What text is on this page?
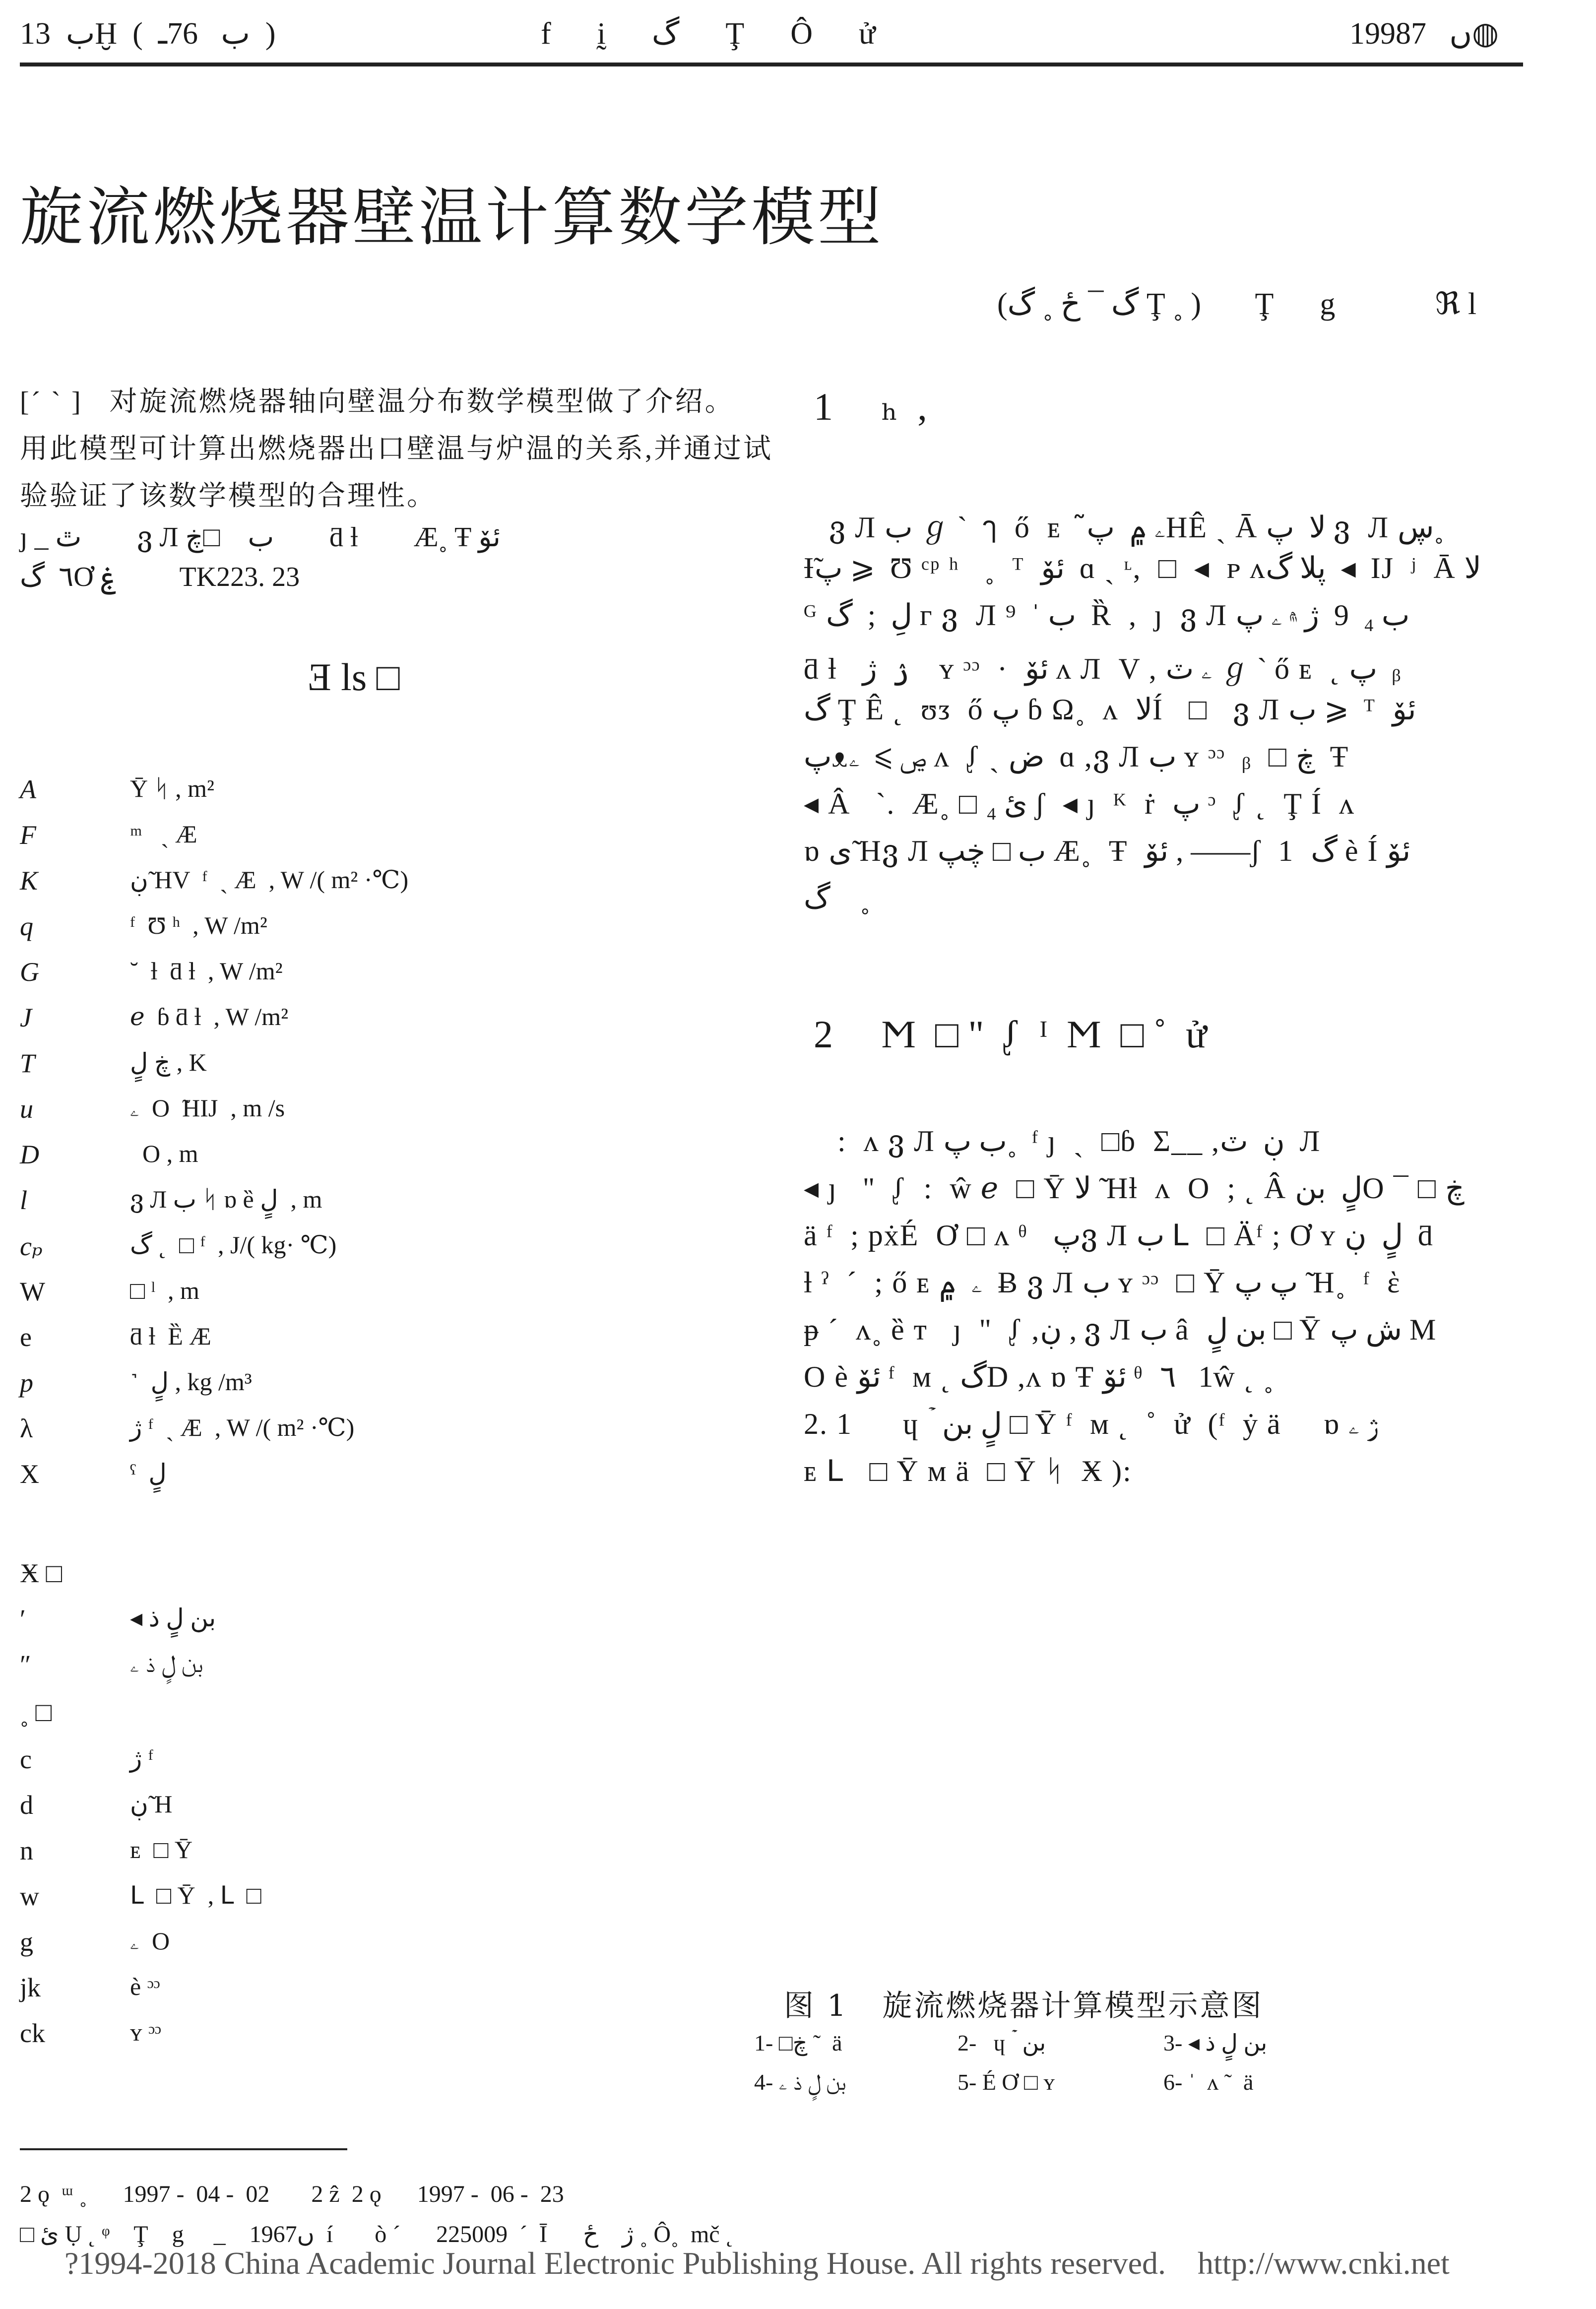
ب  13Ḫ  (  ب   76ـ  )	f      ḭ      گ      Ţ      Ô      ử	1998ں   7◍
旋流燃烧器壁温计算数学模型
(گ ¯ ځ ˳ گ Ţ ˳ )       Ţ      g             ℜ l
[ˊ ˋ ]   对旋流燃烧器轴向壁温分布数学模型做了介绍。
用此模型可计算出燃烧器出口壁温与炉温的关系,并通过试
验验证了该数学模型的合理性。
ȷ _ ٿ        ვ Л ب    □ڿ        ƌ ƚ        Æ˳ Ŧ ئۆ
٦  گƠ ۼ         TK223. 23
Ǝ ls □
A	Ȳ ᛋ , m²
F	ᵐ   ˏ Æ
K	ڹ ̃HV  ᶠ  ˏ Æ  , W /( m² ·℃)
q	ᶠ  Ʊ ʰ  , W /m²
G	˘  ƚ  ƌ ƚ  , W /m²
J	ℯ  ɓ ƌ ƚ  , W /m²
T	ڿ لٍ , K
u	ۦ  O  ̃HIJ  , m /s
D	O , m
l	ვ Л ب ᛋ ɒ ȅ لٍ  , m
cₚ	گ ˛  □ ᶠ  , J/( kg· ℃)
W	□ ˡ  , m
e	ƌ ƚ  Ȅ Æ
p	˺  لٍ , kg /m³
λ	ژ ᶠ  ˏ Æ  , W /( m² ·℃)
X	ˤ  لٍ
Ӿ □
′	◂ بن لٍ ذ
″	بن لٍ ذ ۦ
˳ □
c	ژ ᶠ
d	ڹ ̃H
n	ᴇ  □ Ȳ
w	ᒪ  □ Ȳ  , ᒪ  □
g	ۦ  O
jk	è ᵓᵓ
ck	ʏ ᵓᵓ
1     ₕ  ,
ვ Л ب ℊ ˋ  ๅ  ő  ᴇ   ۦ ۾  پ̃HÊ ˏ Ā لا  پ ვ  Л ڛ˳
Ɨ̃پ ⩾  Ʊ ᶜᵖ ʰ   ˳  ᵀ  ئۆ  ɑ ˏ ᶫ,  □  ◂  ᴘ ᴧپلا گ  ◂  IJ  ʲ  Ā لا
ᴳ لِ  ;  گ ᴦ ვ  Л ب ˈ  ⁹  Ȑ  ,  ȷ  ვ Л ب ₄  9  ژ ۾ ۦ پ
ƌ ƚ   ۯ  ژ    ʏ ᵓᵓ  ·  ئۆ ᴧ Л  V , ۦ ٽ ℊ ˋ ő ᴇ  ˛ پ  ᵦ
گ Ţ Ê ˛  ʊᴣ  ő پ ɓ Ω˳  ᴧ  لاÍ   □   ვ Л ب ⩾  ᵀ  ئۆ
پᴥڝ ⩾  ۦ ᴧ  ᶘ ˏ ض  ɑ ,ვ Л ب ʏ ᵓᵓ  ᵦ  □ ڿ  Ŧ
◂ Â   ˋ.  Æ˳ □ ئ ₄ ʃ  ◂ ȷ  ᴷ  ṙ  پ ᵓ  ᶘ ˛  Ţ Í  ᴧ
ɒ ى ̃Hვ Л ب □ ڿپ Æ˳  Ŧ  ئۆ , ——ʃ  1  گ è Í ئۆ
گ    ˳
2     Ϻ  □ "  ᶘ  ᴵ  Ϻ  □ ˚  ử
:  ᴧ ვ Л ب پ˳  ᶠ ȷ  ˏ  □ɓ  Σ__ ,ڹ  ٽ  Л
◂ ȷ   "  ᶘ  :  ŵ ℯ  □ Ȳ لا  ̃Hƚ  ᴧ  O  ; ˛ Â لٍ  بنO ¯ □ ڿ
ä ᶠ  ; pẋÉ  Ơ □ ᴧ ᶿ   پვ Л ب ᒪ  □ Äᶠ ; Ơ ʏ لٍ  ڹ  ƌ
ƚ ˀ  ˊ  ; ő ᴇ ۦ  ۾  Ƀ ვ Л ب ʏ ᵓᵓ  □ Ȳ پ پ  ̃H˳  ᶠ  ὲ
ᵽ ˊ  ᴧ˳ ȅ ᴛ   ȷ  "  ᶘ ,ڹ , ვ Л ب â  بن لٍ □ Ȳ ش پ M
O è ئۆ ᶠ  ᴍ ˛ گD ,ᴧ ɒ Ŧ ئۆ ᶿ  ٦   1ŵ ˛ ˳
2. 1      ɥ ۡ ۤ لٍ بن □ Ȳ ᶠ  ᴍ ˛  ˚  ử  (ᶠ  ẏ ä     ɒ ژ ۦ
ᴇ ᒪ   □ Ȳ ᴍ ä  □ Ȳ ᛋ  Ӿ ):
图 1   旋流燃烧器计算模型示意图
1- □ڿ ˜  ä	2-   ɥ ۡ ۤ بن	3- ◂ بن لٍ ذ
4- بن لٍ ذ ۦ	5- É Ơ □ ʏ	6- ˈ  ᴧ ˜  ä
2 ǫ  ᵚ ˳      1997 -  04 -  02       2 ẑ  2 ǫ      1997 -  06 -  23
□ ئ Ụ ˛ ᵠ    Ţ    g     _    1967ں  í       ò ˊ      225009  ˊ  Ī      ژ    ځ ˳ Ô˳  mč ˛
?1994-2018 China Academic Journal Electronic Publishing House. All rights reserved.    http://www.cnki.net
